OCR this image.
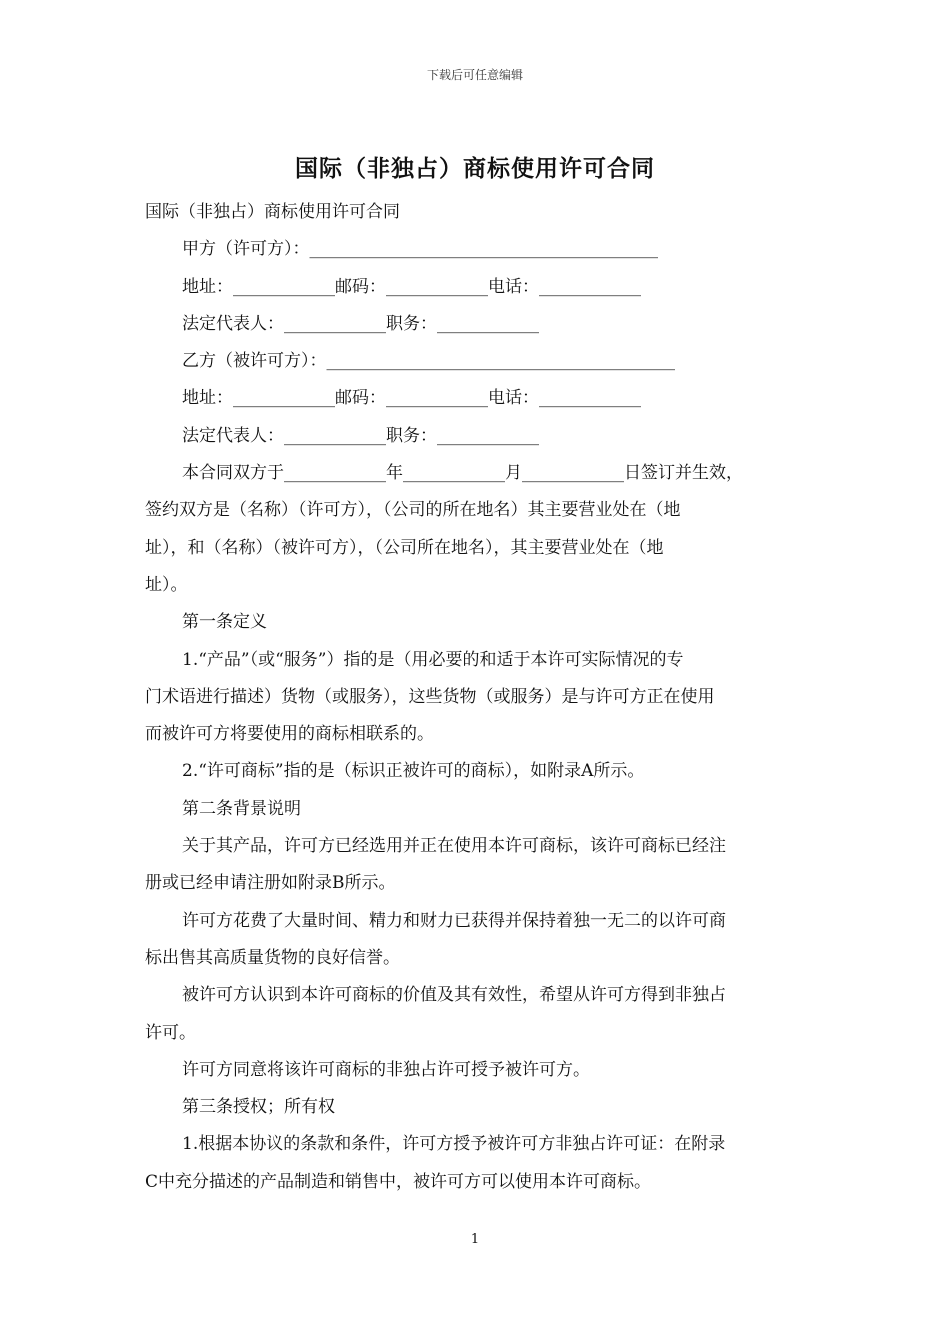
下载后可任意编辑
国际（非独占）商标使用许可合同

国际（非独占）商标使用许可合同

甲方（许可方）：_________________________________________

地址：____________邮码：____________电话：____________

法定代表人：____________职务：____________

乙方（被许可方）：_________________________________________

地址：____________邮码：____________电话：____________

法定代表人：____________职务：____________

本合同双方于____________年____________月____________日签订并生效，

签约双方是（名称）（许可方），（公司的所在地名）其主要营业处在（地

址），和（名称）（被许可方），（公司所在地名），其主要营业处在（地

址）。

第一条定义

1.“产品”（或“服务”）指的是（用必要的和适于本许可实际情况的专

门术语进行描述）货物（或服务），这些货物（或服务）是与许可方正在使用

而被许可方将要使用的商标相联系的。

2.“许可商标”指的是（标识正被许可的商标），如附录A所示。

第二条背景说明

关于其产品，许可方已经选用并正在使用本许可商标，该许可商标已经注

册或已经申请注册如附录B所示。

许可方花费了大量时间、精力和财力已获得并保持着独一无二的以许可商

标出售其高质量货物的良好信誉。

被许可方认识到本许可商标的价值及其有效性，希望从许可方得到非独占

许可。

许可方同意将该许可商标的非独占许可授予被许可方。

第三条授权；所有权

1.根据本协议的条款和条件，许可方授予被许可方非独占许可证：在附录

C中充分描述的产品制造和销售中，被许可方可以使用本许可商标。

1
